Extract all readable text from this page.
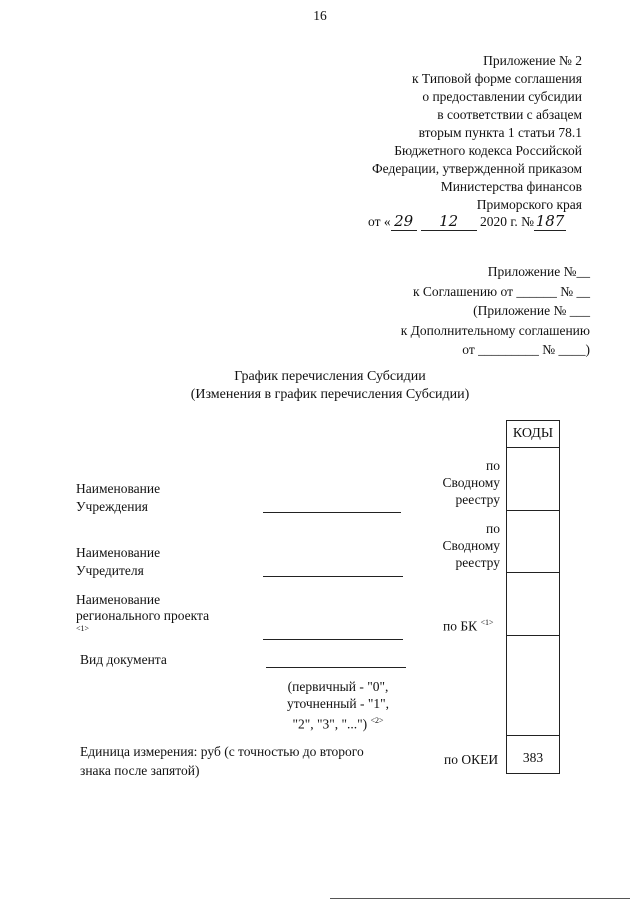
16
Приложение № 2
к Типовой форме соглашения
о предоставлении субсидии
в соответствии с абзацем
вторым пункта 1 статьи 78.1
Бюджетного кодекса Российской
Федерации, утвержденной приказом
Министерства финансов
Приморского края
от « 29 12 2020 г. № 187
Приложение №__
к Соглашению от ______ № __
(Приложение № ___
к Дополнительному соглашению
от _________ № ____)
График перечисления Субсидии
(Изменения в график перечисления Субсидии)
КОДЫ
383
Наименование
Учреждения
по
Сводному
реестру
Наименование
Учредителя
по
Сводному
реестру
Наименование
регионального проекта
<1>	по БК $^{<1>}$
Вид документа
(первичный - "0",
уточненный - "1",
"2", "3", "...") $^{<2>}$
Единица измерения: руб (с точностью до второго
знака после запятой)
по ОКЕИ
